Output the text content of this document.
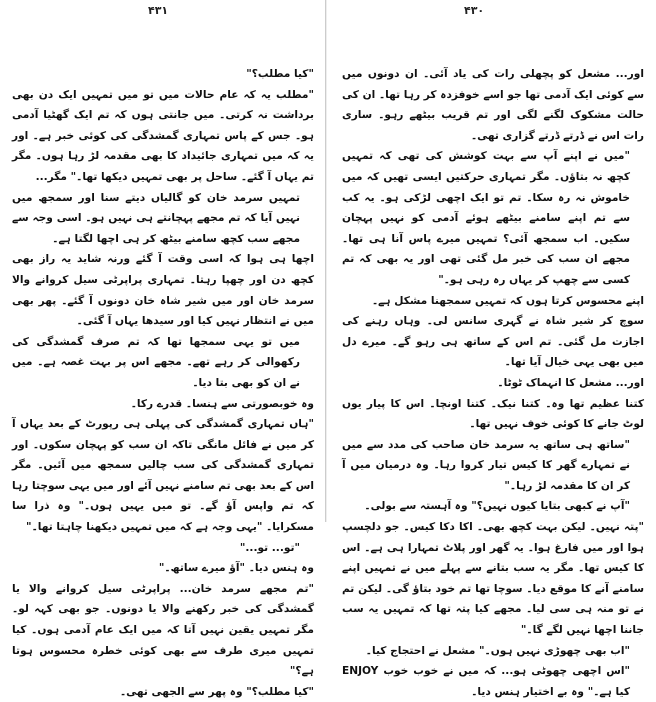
۴۳۱

"کیا مطلب؟"

"مطلب یہ کہ عام حالات میں تو میں تمہیں ایک دن بھی برداشت نہ کرتی۔ میں جانتی ہوں کہ تم ایک گھٹیا آدمی ہو۔ جس کے پاس تمہاری گمشدگی کی کوئی خبر ہے۔ اور یہ کہ میں تمہاری جائیداد کا بھی مقدمہ لڑ رہا ہوں۔ مگر تم یہاں آ گئے۔ ساحل پر بھی تمہیں دیکھا تھا۔" مگر...

تمہیں سرمد خان کو گالیاں دیتے سنا اور سمجھ میں نہیں آیا کہ تم مجھے پہچانتے ہی نہیں ہو۔ اسی وجہ سے مجھے سب کچھ سامنے بیٹھ کر ہی اچھا لگتا ہے۔

اچھا ہی ہوا کہ اسی وقت آ گئے ورنہ شاید یہ راز بھی کچھ دن اور چھپا رہتا۔ تمہاری پراپرٹی سیل کروانے والا سرمد خان اور میں شیر شاہ خان دونوں آ گئے۔ پھر بھی میں نے انتظار نہیں کیا اور سیدھا یہاں آ گئی۔

میں تو یہی سمجھا تھا کہ تم صرف گمشدگی کی رکھوالی کر رہے تھے۔ مجھے اس پر بہت غصہ ہے۔ میں نے ان کو بھی بتا دیا۔

وہ خوبصورتی سے ہنسا۔ قدرے رکا۔

"ہاں تمہاری گمشدگی کی پہلی ہی رپورٹ کے بعد یہاں آ کر میں نے فائل مانگی تاکہ ان سب کو پہچان سکوں۔ اور تمہاری گمشدگی کی سب چالیں سمجھ میں آئیں۔ مگر اس کے بعد بھی تم سامنے نہیں آئے اور میں یہی سوچتا رہا کہ تم واپس آؤ گے۔ تو میں یہیں ہوں۔" وہ ذرا سا مسکرایا۔ "یہی وجہ ہے کہ میں تمہیں دیکھنا چاہتا تھا۔"

"تو... تو..."

وہ ہنس دیا۔ "آؤ میرے ساتھ۔"

"تم مجھے سرمد خان... پراپرٹی سیل کروانے والا یا گمشدگی کی خبر رکھنے والا یا دونوں۔ جو بھی کہہ لو۔ مگر تمہیں یقین نہیں آتا کہ میں ایک عام آدمی ہوں۔ کیا تمہیں میری طرف سے بھی کوئی خطرہ محسوس ہوتا ہے؟"

"کیا مطلب؟" وہ پھر سے الجھی تھی۔

۴۳۰

اور... مشعل کو پچھلی رات کی یاد آئی۔ ان دونوں میں سے کوئی ایک آدمی تھا جو اسے خوفزدہ کر رہا تھا۔ ان کی حالت مشکوک لگنے لگی اور تم قریب بیٹھے رہو۔ ساری رات اس نے ڈرتے ڈرتے گزاری تھی۔

"میں نے اپنے آپ سے بہت کوشش کی تھی کہ تمہیں کچھ نہ بتاؤں۔ مگر تمہاری حرکتیں ایسی تھیں کہ میں خاموش نہ رہ سکا۔ تم تو ایک اچھی لڑکی ہو۔ یہ کب سے تم اپنے سامنے بیٹھے ہوئے آدمی کو نہیں پہچان سکیں۔ اب سمجھ آئی؟ تمہیں میرے پاس آنا ہی تھا۔ مجھے ان سب کی خبر مل گئی تھی اور یہ بھی کہ تم کسی سے چھپ کر یہاں رہ رہی ہو۔"

اپنے محسوس کرتا ہوں کہ تمہیں سمجھنا مشکل ہے۔

سوچ کر شیر شاہ نے گہری سانس لی۔ وہاں رہنے کی اجازت مل گئی۔ تم اس کے ساتھ ہی رہو گے۔ میرے دل میں بھی یہی خیال آیا تھا۔

اور... مشعل کا انہماک ٹوٹا۔

کتنا عظیم تھا وہ۔ کتنا نیک۔ کتنا اونچا۔ اس کا پیار یوں لوٹ جانے کا کوئی خوف نہیں تھا۔

"ساتھ ہی ساتھ یہ سرمد خان صاحب کی مدد سے میں نے تمہارے گھر کا کیس تیار کروا رہا۔ وہ درمیان میں آ کر ان کا مقدمہ لڑ رہا۔"

"آپ نے کبھی بتایا کیوں نہیں؟" وہ آہستہ سے بولی۔

"پتہ نہیں۔ لیکن بہت کچھ بھی۔ اکا دکا کیس۔ جو دلچسپ ہوا اور میں فارغ ہوا۔ یہ گھر اور پلاٹ تمہارا ہی ہے۔ اس کا کیس تھا۔ مگر یہ سب بتانے سے پہلے میں نے تمہیں اپنے سامنے آنے کا موقع دیا۔ سوچا تھا تم خود بتاؤ گی۔ لیکن تم نے تو منہ ہی سی لیا۔ مجھے کیا پتہ تھا کہ تمہیں یہ سب جاننا اچھا نہیں لگے گا۔"

"اب بھی چھوڑی نہیں ہوں۔" مشعل نے احتجاج کیا۔

"اس اچھی چھوٹی ہو... کہ میں نے خوب خوب ENJOY کیا ہے۔" وہ بے اختیار ہنس دیا۔
